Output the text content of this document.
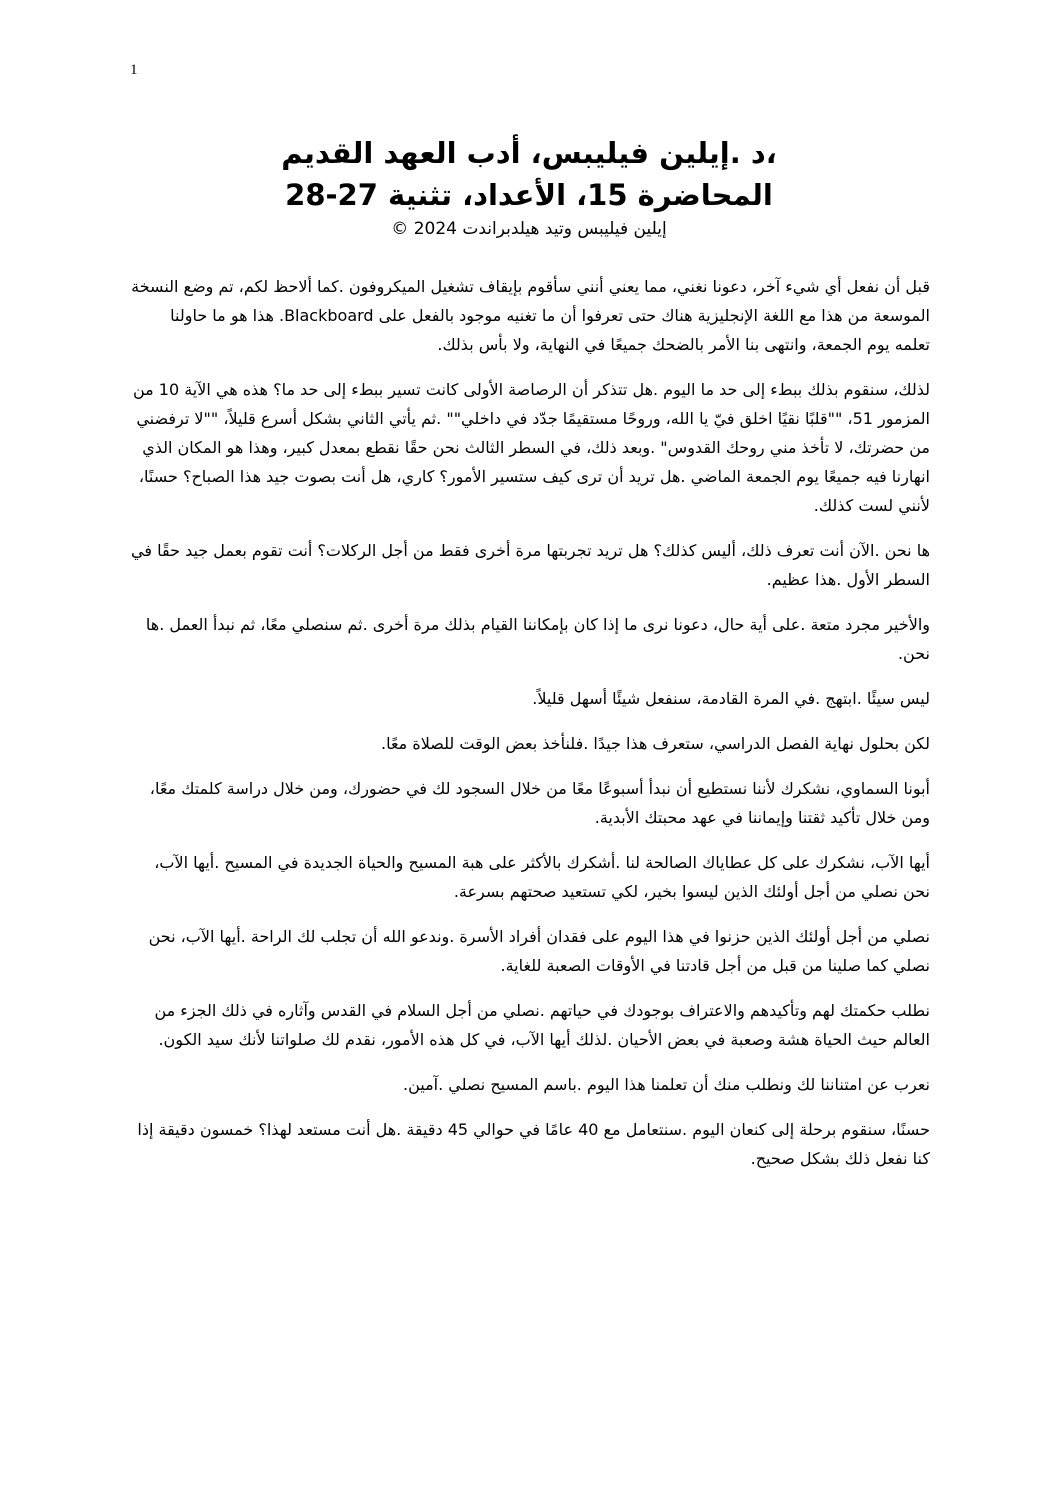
1

،د .إيلين فيليبس، أدب العهد القديم

المحاضرة 15، الأعداد، تثنية 27-28

إيلين فيليبس وتيد هيلدبراندت 2024 ©

قبل أن نفعل أي شيء آخر، دعونا نغني، مما يعني أنني سأقوم بإيقاف تشغيل الميكروفون .كما ألاحظ لكم، تم وضع النسخة الموسعة من هذا مع اللغة الإنجليزية هناك حتى تعرفوا أن ما تغنيه موجود بالفعل على Blackboard. هذا هو ما حاولنا تعلمه يوم الجمعة، وانتهى بنا الأمر بالضحك جميعًا في النهاية، ولا بأس بذلك.

لذلك، سنقوم بذلك ببطء إلى حد ما اليوم .هل تتذكر أن الرصاصة الأولى كانت تسير ببطء إلى حد ما؟ هذه هي الآية 10 من المزمور 51، ""قلبًا نقيًا اخلق فيّ يا الله، وروحًا مستقيمًا جدّد في داخلي"" .ثم يأتي الثاني بشكل أسرع قليلاً، ""لا ترفضني من حضرتك، لا تأخذ مني روحك القدوس" .وبعد ذلك، في السطر الثالث نحن حقًا نقطع بمعدل كبير، وهذا هو المكان الذي انهارنا فيه جميعًا يوم الجمعة الماضي .هل تريد أن ترى كيف ستسير الأمور؟ كاري، هل أنت بصوت جيد هذا الصباح؟ حسنًا، لأنني لست كذلك.

ها نحن .الآن أنت تعرف ذلك، أليس كذلك؟ هل تريد تجربتها مرة أخرى فقط من أجل الركلات؟ أنت تقوم بعمل جيد حقًا في السطر الأول .هذا عظيم.

والأخير مجرد متعة .على أية حال، دعونا نرى ما إذا كان بإمكاننا القيام بذلك مرة أخرى .ثم سنصلي معًا، ثم نبدأ العمل .ها نحن.

ليس سيئًا .ابتهج .في المرة القادمة، سنفعل شيئًا أسهل قليلاً.

لكن بحلول نهاية الفصل الدراسي، ستعرف هذا جيدًا .فلنأخذ بعض الوقت للصلاة معًا.

أبونا السماوي، نشكرك لأننا نستطيع أن نبدأ أسبوعًا معًا من خلال السجود لك في حضورك، ومن خلال دراسة كلمتك معًا، ومن خلال تأكيد ثقتنا وإيماننا في عهد محبتك الأبدية.

أيها الآب، نشكرك على كل عطاياك الصالحة لنا .أشكرك بالأكثر على هبة المسيح والحياة الجديدة في المسيح .أيها الآب، نحن نصلي من أجل أولئك الذين ليسوا بخير، لكي تستعيد صحتهم بسرعة.

نصلي من أجل أولئك الذين حزنوا في هذا اليوم على فقدان أفراد الأسرة .وندعو الله أن تجلب لك الراحة .أيها الآب، نحن نصلي كما صلينا من قبل من أجل قادتنا في الأوقات الصعبة للغاية.

نطلب حكمتك لهم وتأكيدهم والاعتراف بوجودك في حياتهم .نصلي من أجل السلام في القدس وآثاره في ذلك الجزء من العالم حيث الحياة هشة وصعبة في بعض الأحيان .لذلك أيها الآب، في كل هذه الأمور، نقدم لك صلواتنا لأنك سيد الكون.

نعرب عن امتناننا لك ونطلب منك أن تعلمنا هذا اليوم .باسم المسيح نصلي .آمين.

حسنًا، سنقوم برحلة إلى كنعان اليوم .سنتعامل مع 40 عامًا في حوالي 45 دقيقة .هل أنت مستعد لهذا؟ خمسون دقيقة إذا كنا نفعل ذلك بشكل صحيح.
